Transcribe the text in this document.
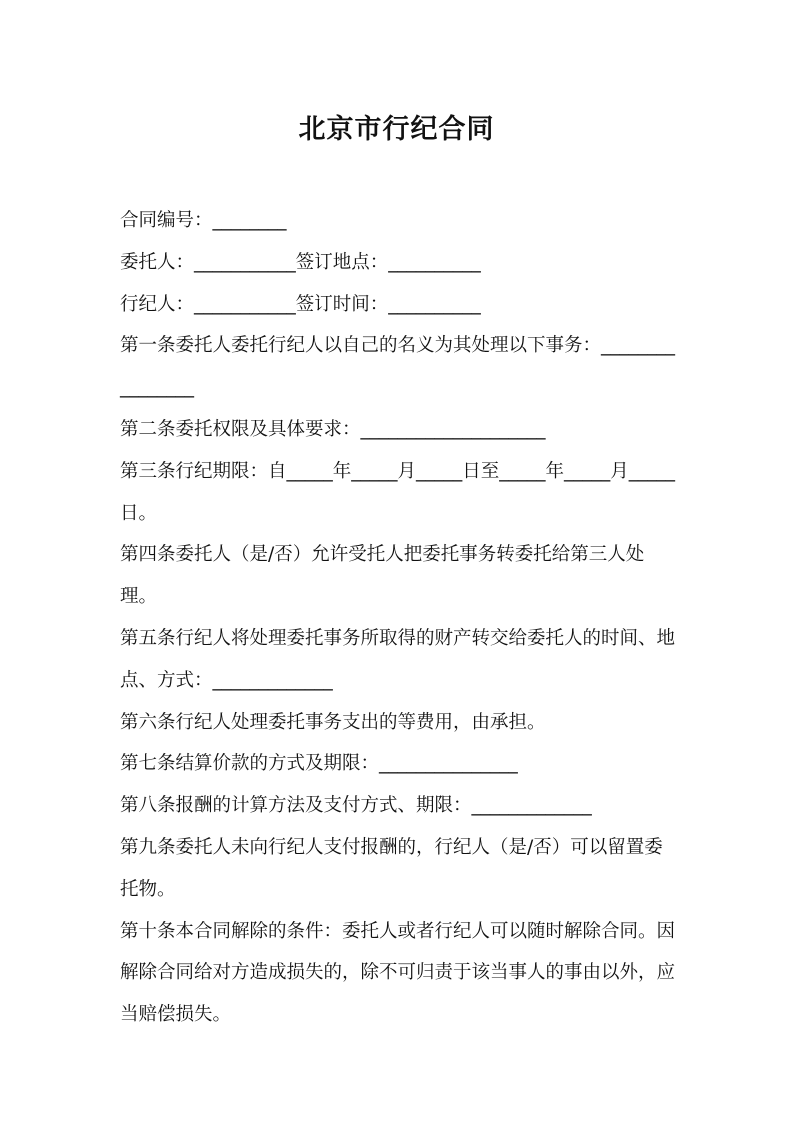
北京市行纪合同
合同编号：________
委托人：___________签订地点：__________
行纪人：___________签订时间：__________
第一条委托人委托行纪人以自己的名义为其处理以下事务：________________
第二条委托权限及具体要求：____________________
第三条行纪期限：自_____年_____月_____日至_____年_____月_____日。
第四条委托人（是/否）允许受托人把委托事务转委托给第三人处理。
第五条行纪人将处理委托事务所取得的财产转交给委托人的时间、地点、方式：_____________
第六条行纪人处理委托事务支出的等费用，由承担。
第七条结算价款的方式及期限：_______________
第八条报酬的计算方法及支付方式、期限：_____________
第九条委托人未向行纪人支付报酬的，行纪人（是/否）可以留置委托物。
第十条本合同解除的条件：委托人或者行纪人可以随时解除合同。因解除合同给对方造成损失的，除不可归责于该当事人的事由以外，应当赔偿损失。
